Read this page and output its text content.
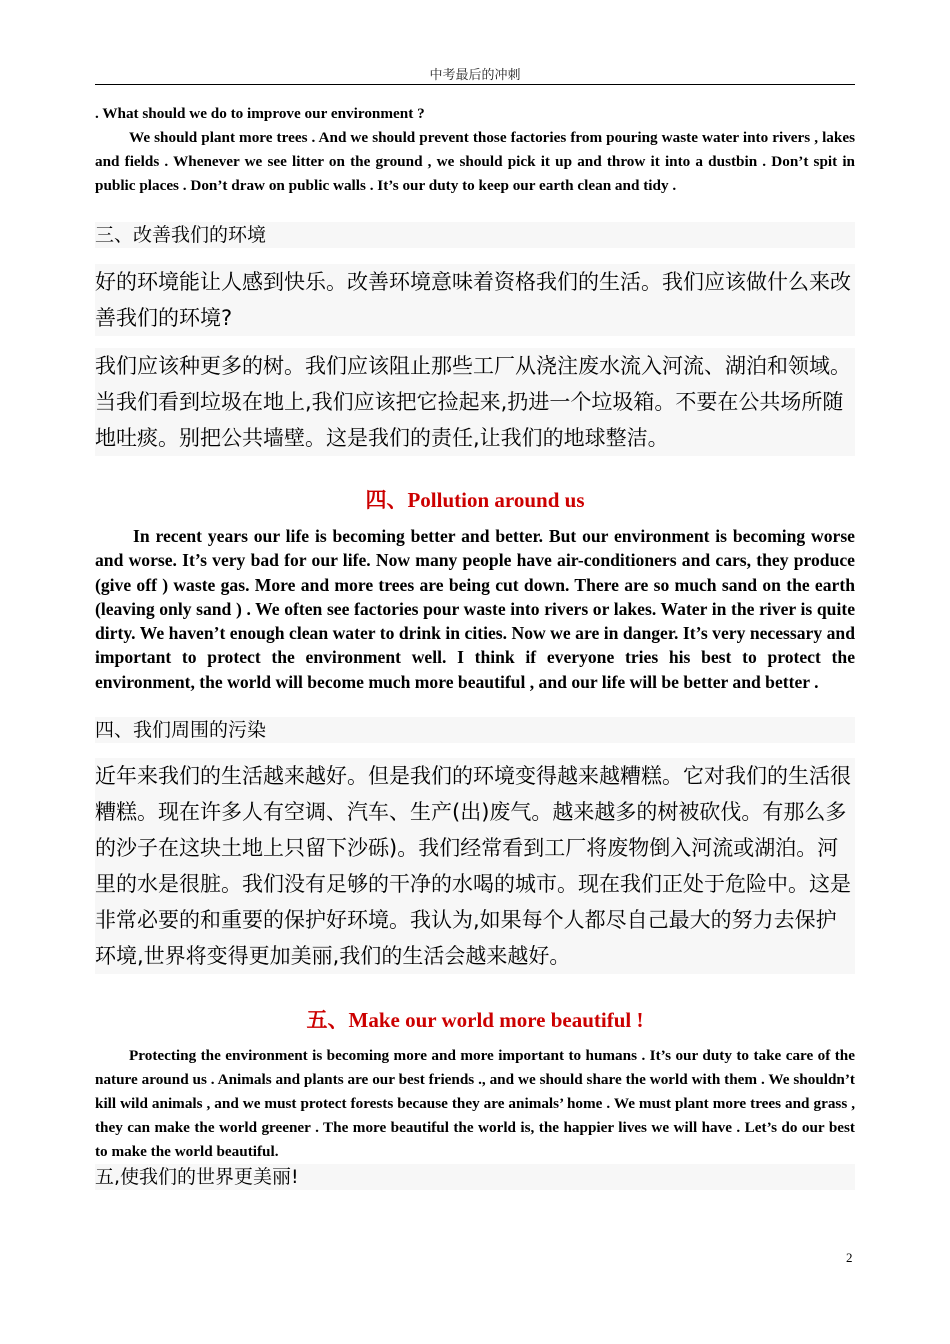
中考最后的冲刺

. What should we do to improve our environment ?

We should plant more trees . And we should prevent those factories from pouring waste water into rivers , lakes and fields . Whenever we see litter on the ground , we should pick it up and throw it into a dustbin . Don’t spit in public places . Don’t draw on public walls . It’s our duty to keep our earth clean and tidy .

三、改善我们的环境

好的环境能让人感到快乐。改善环境意味着资格我们的生活。我们应该做什么来改善我们的环境?

我们应该种更多的树。我们应该阻止那些工厂从浇注废水流入河流、湖泊和领域。当我们看到垃圾在地上,我们应该把它捡起来,扔进一个垃圾箱。不要在公共场所随地吐痰。别把公共墙壁。这是我们的责任,让我们的地球整洁。

四、Pollution around us

In recent years our life is becoming better and better. But our environment is becoming worse and worse. It’s very bad for our life. Now many people have air-conditioners and cars, they produce (give off ) waste gas. More and more trees are being cut down. There are so much sand on the earth (leaving only sand ) . We often see factories pour waste into rivers or lakes. Water in the river is quite dirty. We haven’t enough clean water to drink in cities. Now we are in danger. It’s very necessary and important to protect the environment well. I think if everyone tries his best to protect the environment, the world will become much more beautiful , and our life will be better and better .

四、我们周围的污染

近年来我们的生活越来越好。但是我们的环境变得越来越糟糕。它对我们的生活很糟糕。现在许多人有空调、汽车、生产(出)废气。越来越多的树被砍伐。有那么多的沙子在这块土地上只留下沙砾)。我们经常看到工厂将废物倒入河流或湖泊。河里的水是很脏。我们没有足够的干净的水喝的城市。现在我们正处于危险中。这是非常必要的和重要的保护好环境。我认为,如果每个人都尽自己最大的努力去保护环境,世界将变得更加美丽,我们的生活会越来越好。

五、Make our world more beautiful !

Protecting the environment is becoming more and more important to humans . It’s our duty to take care of the nature around us . Animals and plants are our best friends ., and we should share the world with them . We shouldn’t kill wild animals , and we must protect forests because they are animals’ home . We must plant more trees and grass , they can make the world greener . The more beautiful the world is, the happier lives we will have . Let’s do our best to make the world beautiful.

五,使我们的世界更美丽!

2
